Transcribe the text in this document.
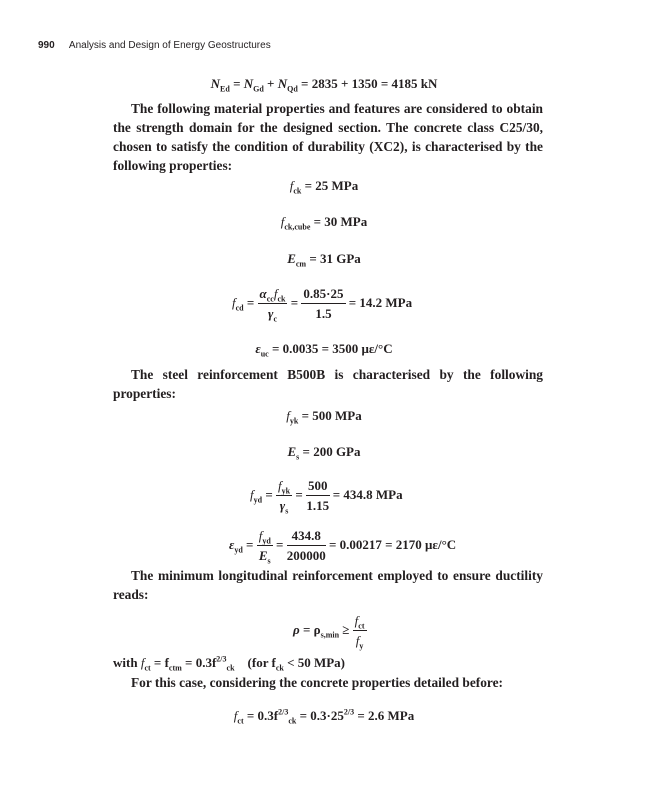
990 Analysis and Design of Energy Geostructures
$N_{Ed} = N_{Gd} + N_{Qd} = 2835 + 1350 = 4185$ kN

The following material properties and features are considered to obtain the strength domain for the designed section. The concrete class C25/30, chosen to satisfy the condition of durability (XC2), is characterised by the following properties:

$f_{ck} = 25$ MPa
$f_{ck,cube} = 30$ MPa
$E_{cm} = 31$ GPa
$f_{cd} = \frac{\alpha_{cc}f_{ck}}{\gamma_c} = \frac{0.85\cdot 25}{1.5} = 14.2$ MPa
$\varepsilon_{uc} = 0.0035 = 3500$ με/°C

The steel reinforcement B500B is characterised by the following properties:

$f_{yk} = 500$ MPa
$E_s = 200$ GPa
$f_{yd} = \frac{f_{yk}}{\gamma_s} = \frac{500}{1.15} = 434.8$ MPa
$\varepsilon_{yd} = \frac{f_{yd}}{E_s} = \frac{434.8}{200000} = 0.00217 = 2170$ με/°C

The minimum longitudinal reinforcement employed to ensure ductility reads:

$\rho = \rho_{s,min} \ge \frac{f_{ct}}{f_y}$
with $f_{ct} = f_{ctm} = 0.3f^{2/3}_{ck}$ (for $f_{ck} < 50$ MPa)

For this case, considering the concrete properties detailed before:

$f_{ct} = 0.3f^{2/3}_{ck} = 0.3\cdot 25^{2/3} = 2.6$ MPa
